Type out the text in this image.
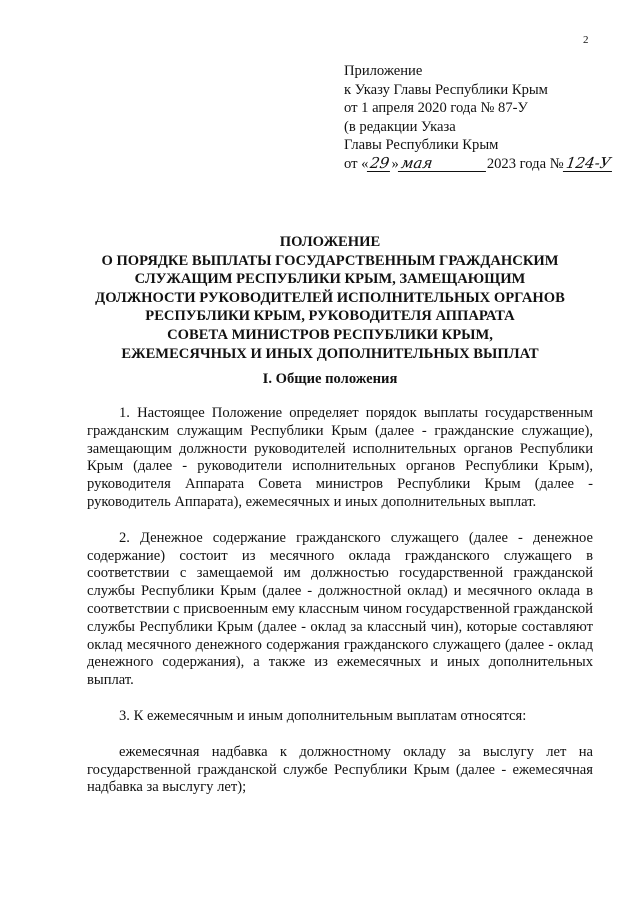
2
Приложение
к Указу Главы Республики Крым
от 1 апреля 2020 года № 87-У
(в редакции Указа
Главы Республики Крым
от «29»мая	2023 года №124-У
ПОЛОЖЕНИЕ
О ПОРЯДКЕ ВЫПЛАТЫ ГОСУДАРСТВЕННЫМ ГРАЖДАНСКИМ
СЛУЖАЩИМ РЕСПУБЛИКИ КРЫМ, ЗАМЕЩАЮЩИМ
ДОЛЖНОСТИ РУКОВОДИТЕЛЕЙ ИСПОЛНИТЕЛЬНЫХ ОРГАНОВ
РЕСПУБЛИКИ КРЫМ, РУКОВОДИТЕЛЯ АППАРАТА
СОВЕТА МИНИСТРОВ РЕСПУБЛИКИ КРЫМ,
ЕЖЕМЕСЯЧНЫХ И ИНЫХ ДОПОЛНИТЕЛЬНЫХ ВЫПЛАТ
I. Общие положения

1. Настоящее Положение определяет порядок выплаты государственным гражданским служащим Республики Крым (далее - гражданские служащие), замещающим должности руководителей исполнительных органов Республики Крым (далее - руководители исполнительных органов Республики Крым), руководителя Аппарата Совета министров Республики Крым (далее - руководитель Аппарата), ежемесячных и иных дополнительных выплат.

2. Денежное содержание гражданского служащего (далее - денежное содержание) состоит из месячного оклада гражданского служащего в соответствии с замещаемой им должностью государственной гражданской службы Республики Крым (далее - должностной оклад) и месячного оклада в соответствии с присвоенным ему классным чином государственной гражданской службы Республики Крым (далее - оклад за классный чин), которые составляют оклад месячного денежного содержания гражданского служащего (далее - оклад денежного содержания), а также из ежемесячных и иных дополнительных выплат.

3. К ежемесячным и иным дополнительным выплатам относятся:

ежемесячная надбавка к должностному окладу за выслугу лет на государственной гражданской службе Республики Крым (далее - ежемесячная надбавка за выслугу лет);
